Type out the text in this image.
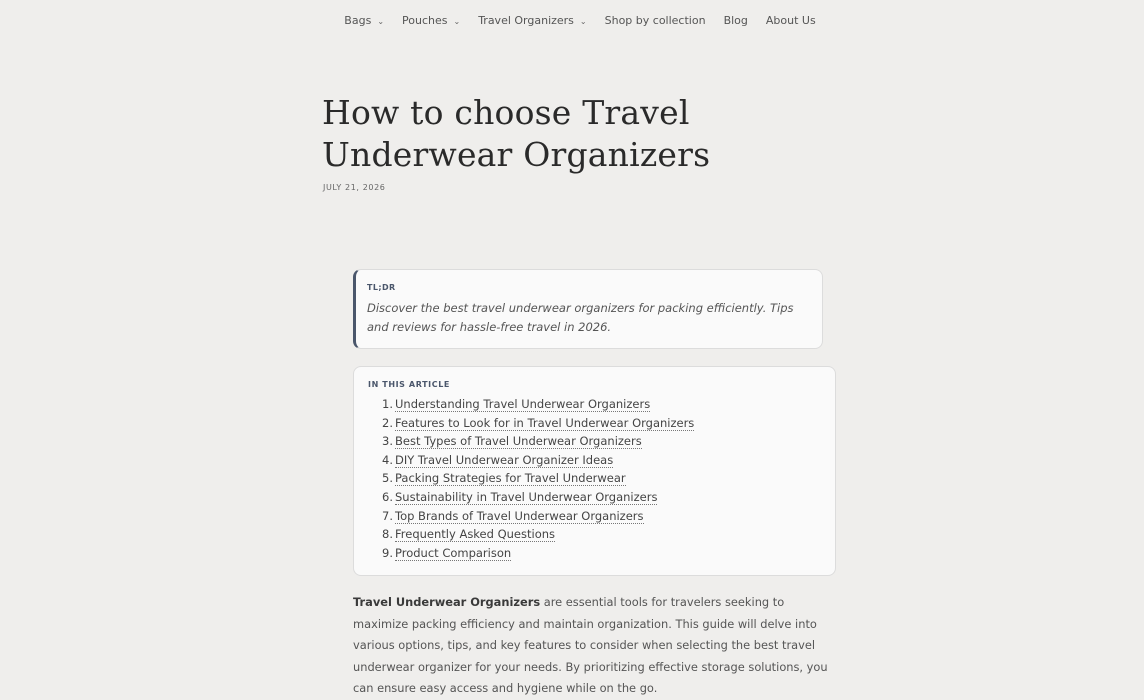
Bags ⌄ Pouches ⌄ Travel Organizers ⌄ Shop by collection Blog About Us
How to choose Travel Underwear Organizers
JULY 21, 2026
TL;DR
Discover the best travel underwear organizers for packing efficiently. Tips and reviews for hassle-free travel in 2026.
IN THIS ARTICLE
1. Understanding Travel Underwear Organizers
2. Features to Look for in Travel Underwear Organizers
3. Best Types of Travel Underwear Organizers
4. DIY Travel Underwear Organizer Ideas
5. Packing Strategies for Travel Underwear
6. Sustainability in Travel Underwear Organizers
7. Top Brands of Travel Underwear Organizers
8. Frequently Asked Questions
9. Product Comparison

Travel Underwear Organizers are essential tools for travelers seeking to maximize packing efficiency and maintain organization. This guide will delve into various options, tips, and key features to consider when selecting the best travel underwear organizer for your needs. By prioritizing effective storage solutions, you can ensure easy access and hygiene while on the go.
